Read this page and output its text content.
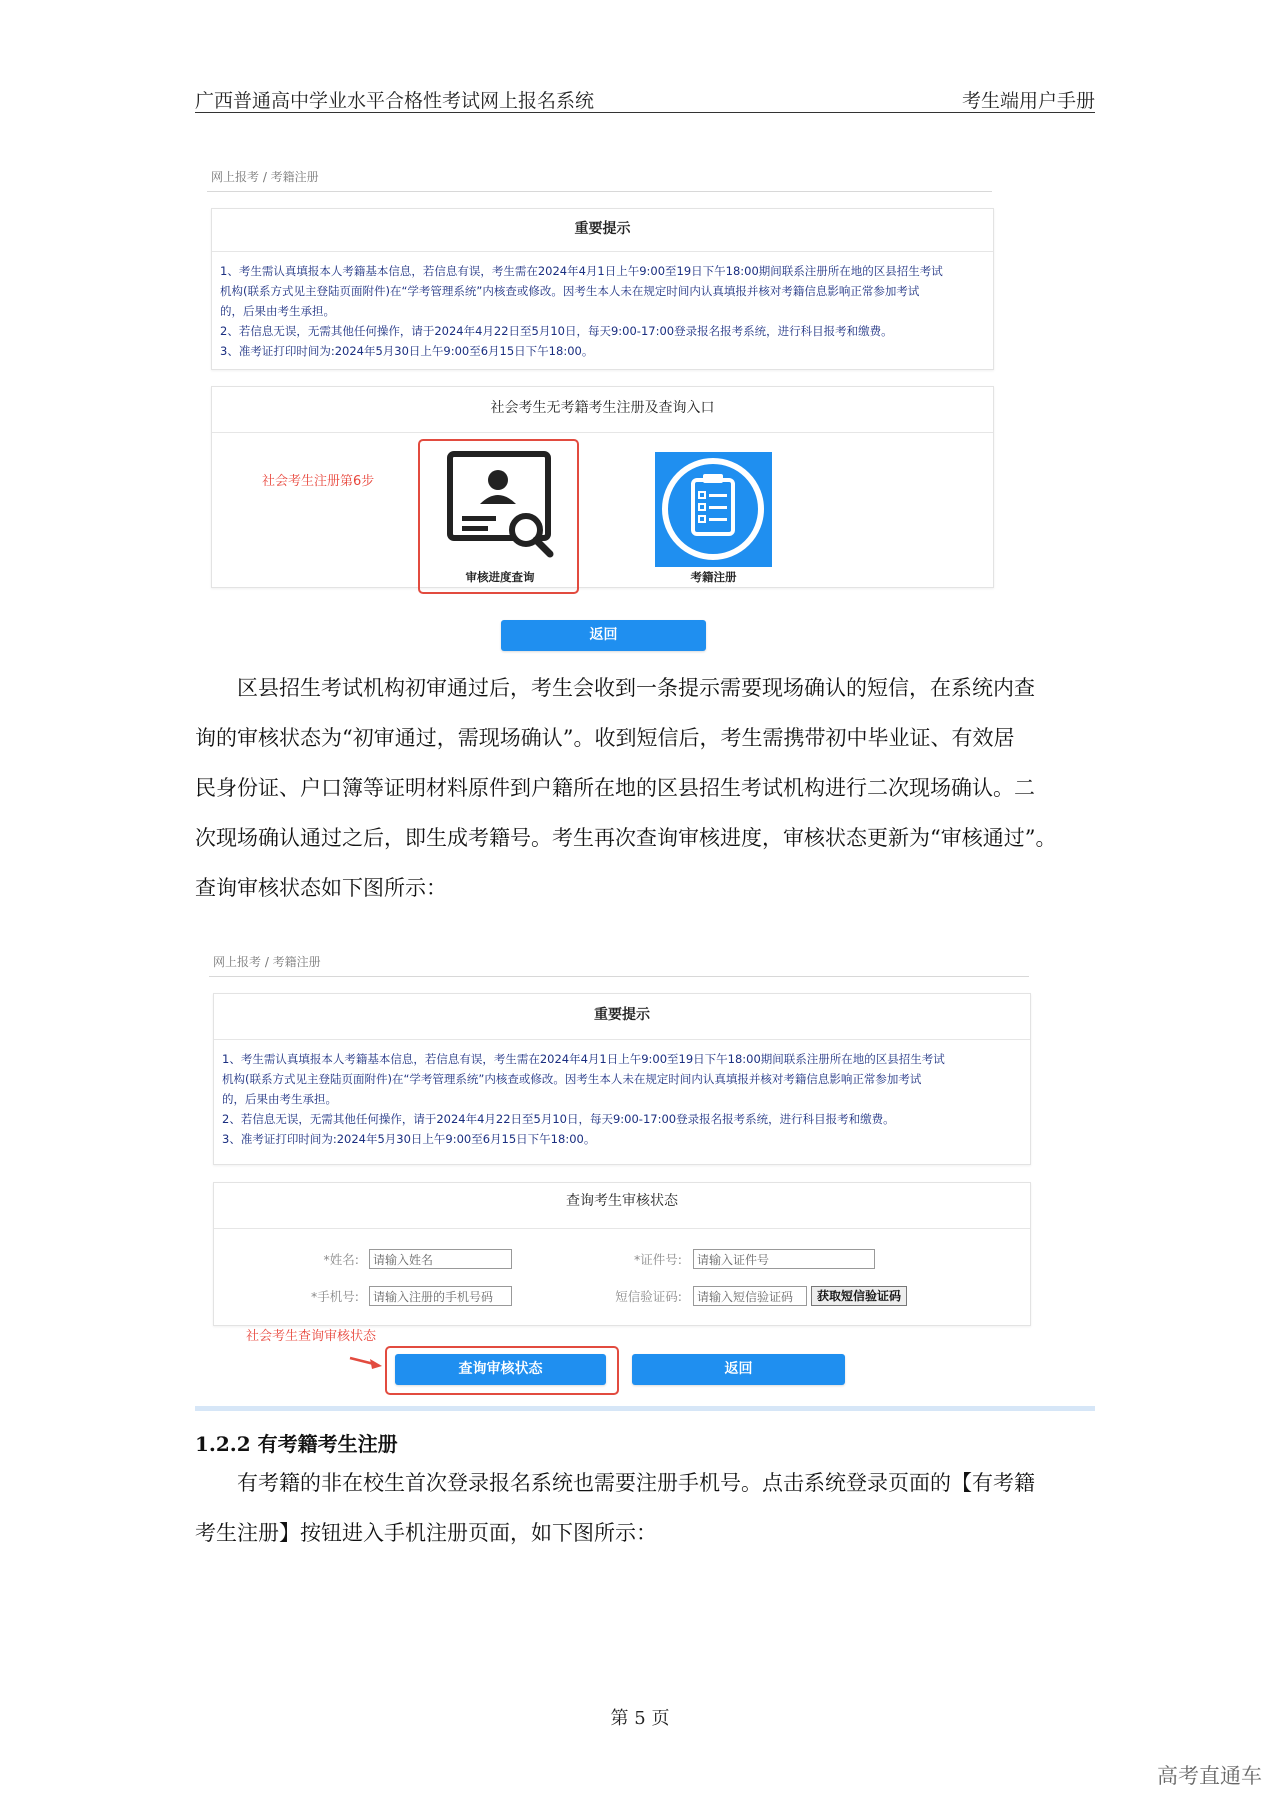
广西普通高中学业水平合格性考试网上报名系统	考生端用户手册
网上报考 / 考籍注册
重要提示

1、考生需认真填报本人考籍基本信息，若信息有误，考生需在2024年4月1日上午9:00至19日下午18:00期间联系注册所在地的区县招生考试

机构(联系方式见主登陆页面附件)在“学考管理系统”内核查或修改。因考生本人未在规定时间内认真填报并核对考籍信息影响正常参加考试

的，后果由考生承担。

2、若信息无误，无需其他任何操作，请于2024年4月22日至5月10日，每天9:00-17:00登录报名报考系统，进行科目报考和缴费。

3、准考证打印时间为:2024年5月30日上午9:00至6月15日下午18:00。

社会考生无考籍考生注册及查询入口
社会考生注册第6步
审核进度查询	考籍注册
返回

区县招生考试机构初审通过后，考生会收到一条提示需要现场确认的短信，在系统内查

询的审核状态为“初审通过，需现场确认”。收到短信后，考生需携带初中毕业证、有效居

民身份证、户口簿等证明材料原件到户籍所在地的区县招生考试机构进行二次现场确认。二

次现场确认通过之后，即生成考籍号。考生再次查询审核进度，审核状态更新为“审核通过”。

查询审核状态如下图所示：

网上报考 / 考籍注册
重要提示

1、考生需认真填报本人考籍基本信息，若信息有误，考生需在2024年4月1日上午9:00至19日下午18:00期间联系注册所在地的区县招生考试

机构(联系方式见主登陆页面附件)在“学考管理系统”内核查或修改。因考生本人未在规定时间内认真填报并核对考籍信息影响正常参加考试

的，后果由考生承担。

2、若信息无误，无需其他任何操作，请于2024年4月22日至5月10日，每天9:00-17:00登录报名报考系统，进行科目报考和缴费。

3、准考证打印时间为:2024年5月30日上午9:00至6月15日下午18:00。

查询考生审核状态
*姓名:	请输入姓名	*证件号:	请输入证件号
*手机号:	请输入注册的手机号码	短信验证码:	请输入短信验证码	获取短信验证码
社会考生查询审核状态
查询审核状态	返回
1.2.2 有考籍考生注册

有考籍的非在校生首次登录报名系统也需要注册手机号。点击系统登录页面的【有考籍

考生注册】按钮进入手机注册页面，如下图所示：

第 5 页
高考直通车
